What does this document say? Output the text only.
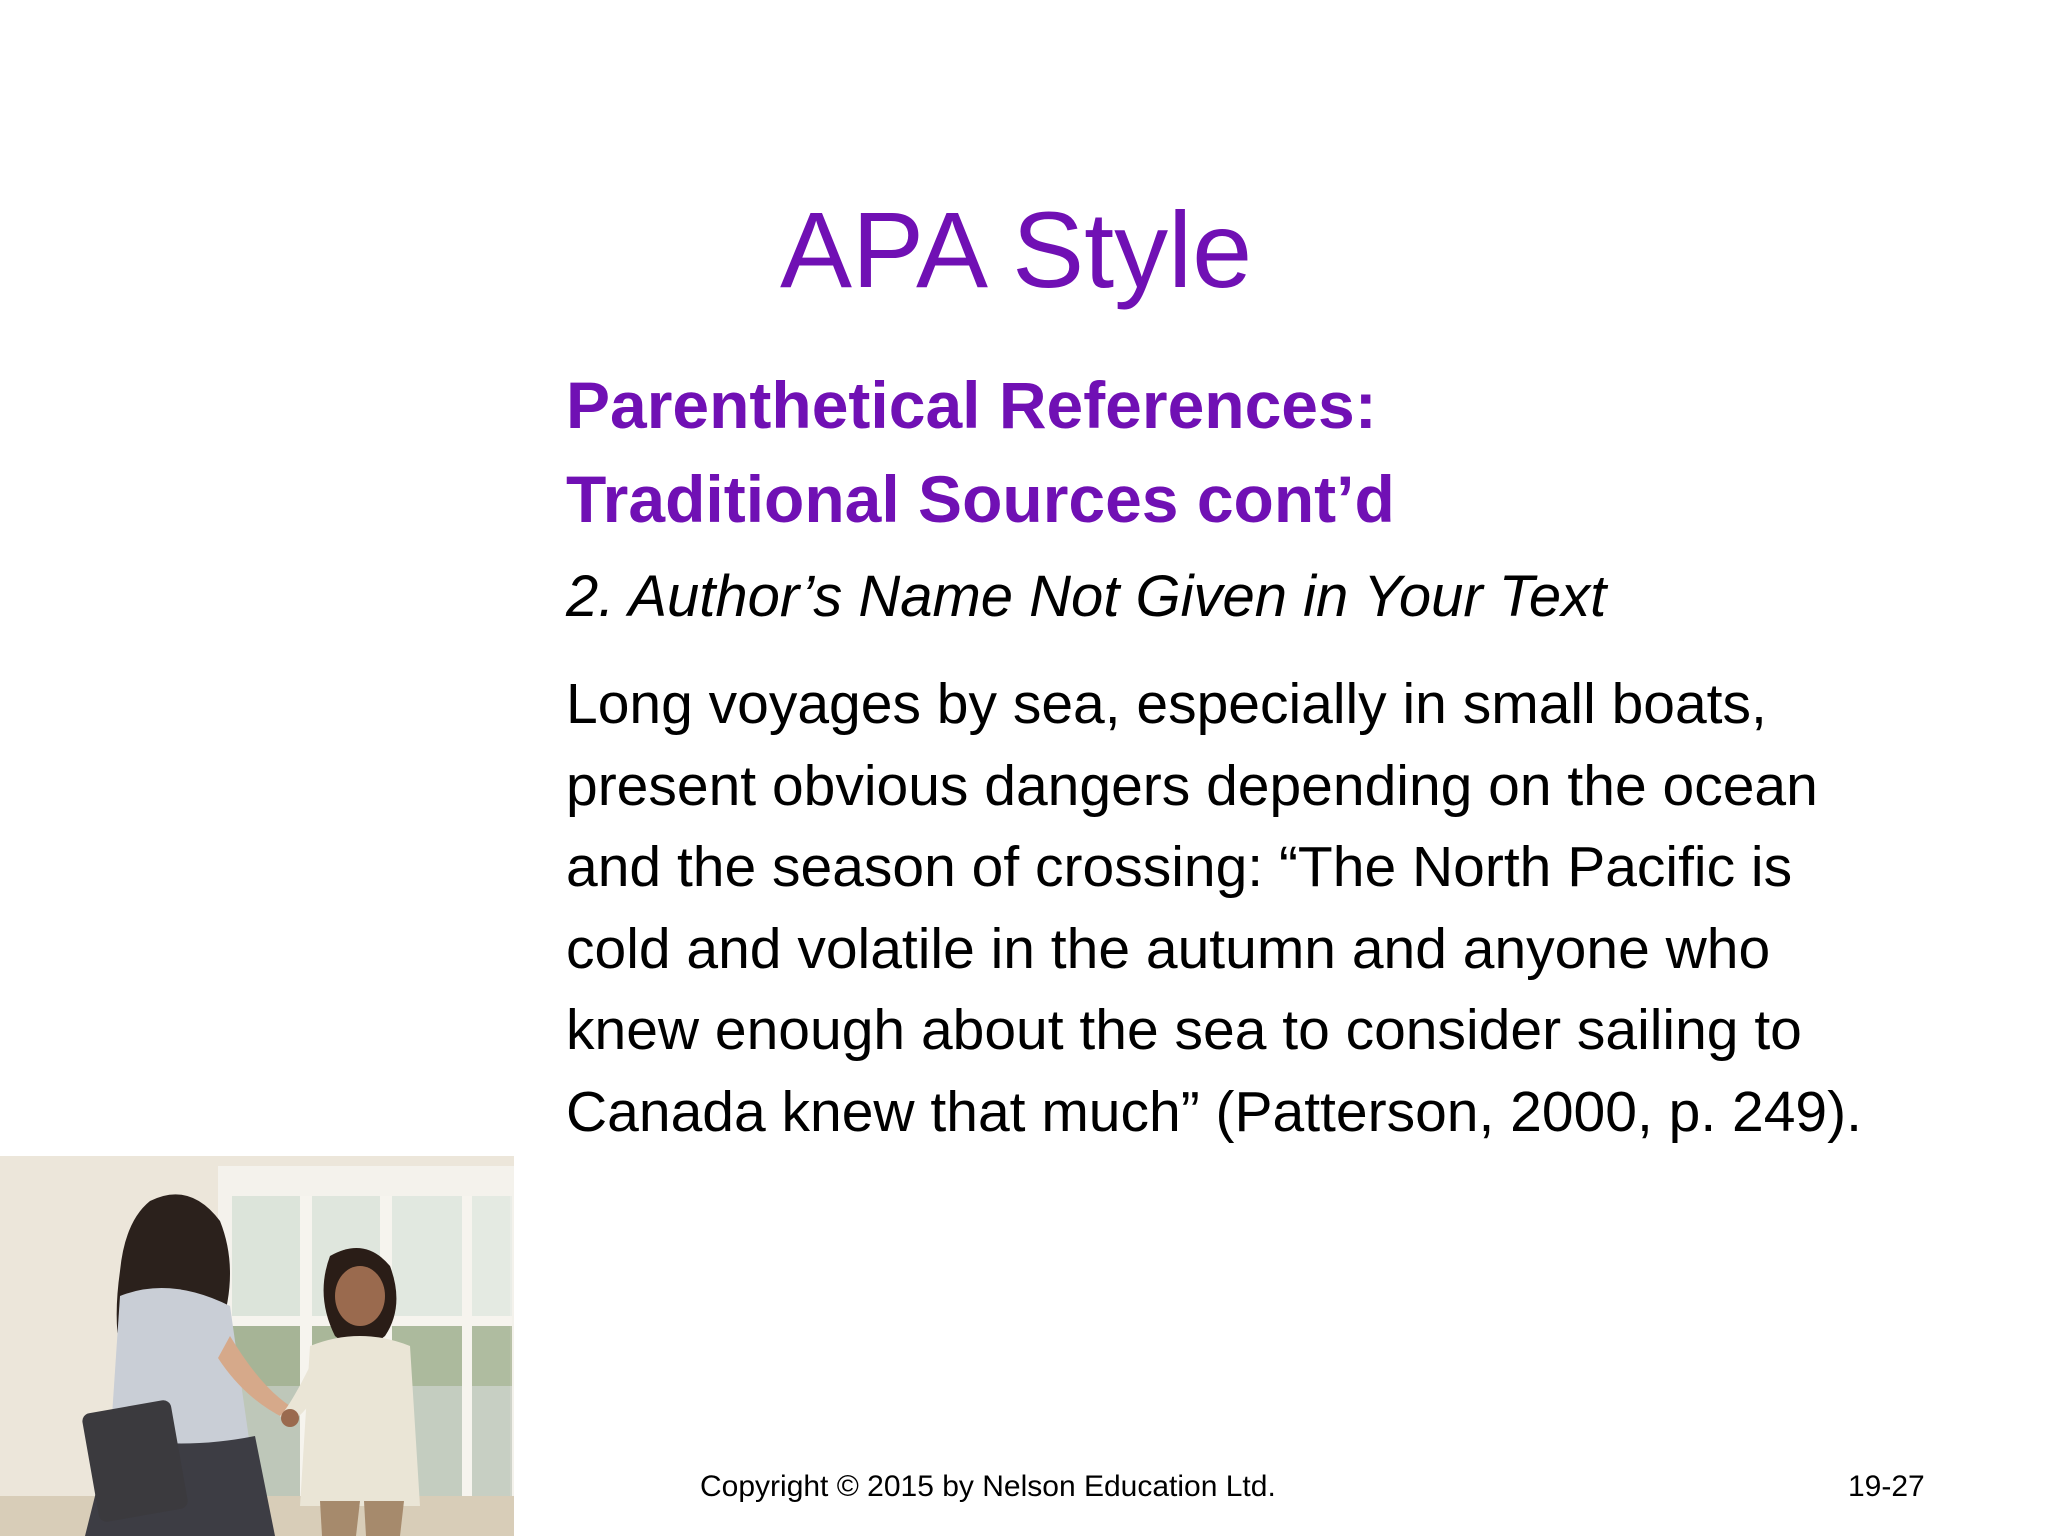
APA Style
Parenthetical References:
Traditional Sources cont’d

2. Author’s Name Not Given in Your Text

Long voyages by sea, especially in small boats,
present obvious dangers depending on the ocean
and the season of crossing: “The North Pacific is
cold and volatile in the autumn and anyone who
knew enough about the sea to consider sailing to
Canada knew that much” (Patterson, 2000, p. 249).
Copyright © 2015 by Nelson Education Ltd.	19-27
